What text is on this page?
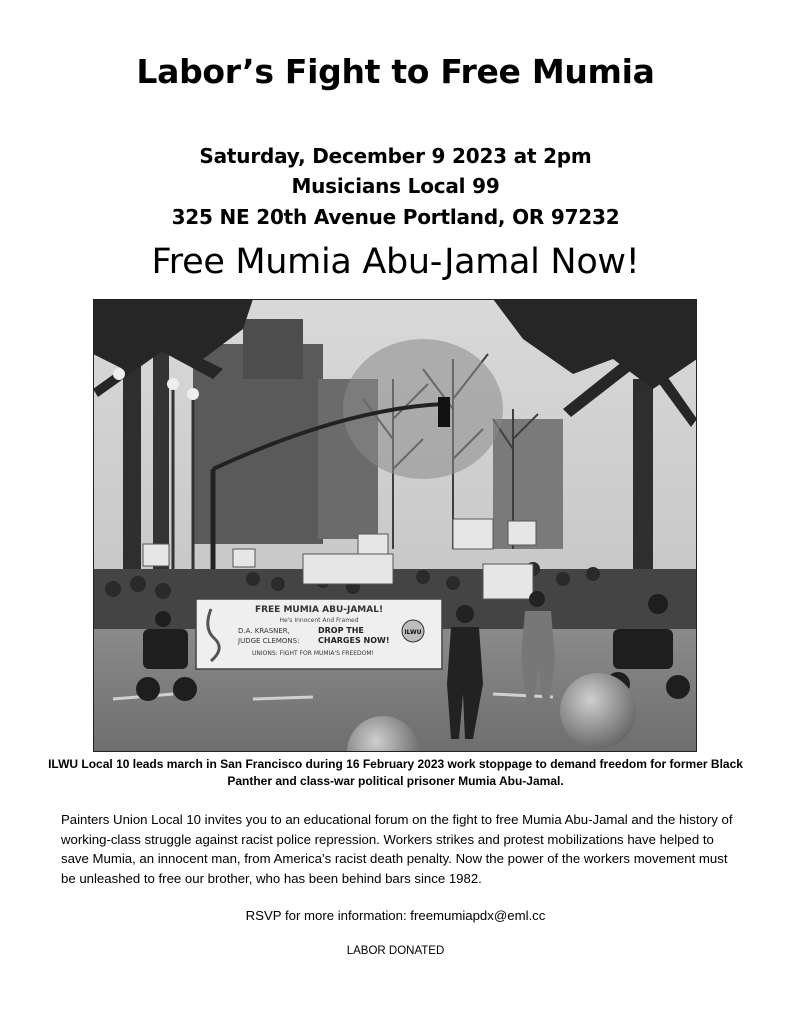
Labor’s Fight to Free Mumia
Saturday, December 9 2023 at 2pm
Musicians Local 99
325 NE 20th Avenue Portland, OR 97232
Free Mumia Abu-Jamal Now!
FREE MUMIA ABU-JAMAL!
He's Innocent And Framed
D.A. KRASNER,
JUDGE CLEMONS:
DROP THE
CHARGES NOW!
UNIONS: FIGHT FOR MUMIA'S FREEDOM!
ILWU
ILWU Local 10 leads march in San Francisco during 16 February 2023 work stoppage to demand freedom for former Black Panther and class-war political prisoner Mumia Abu-Jamal.
Painters Union Local 10 invites you to an educational forum on the fight to free Mumia Abu-Jamal and the history of working-class struggle against racist police repression. Workers strikes and protest mobilizations have helped to save Mumia, an innocent man, from America’s racist death penalty. Now the power of the workers movement must be unleashed to free our brother, who has been behind bars since 1982.
RSVP for more information: freemumiapdx@eml.cc
LABOR DONATED
